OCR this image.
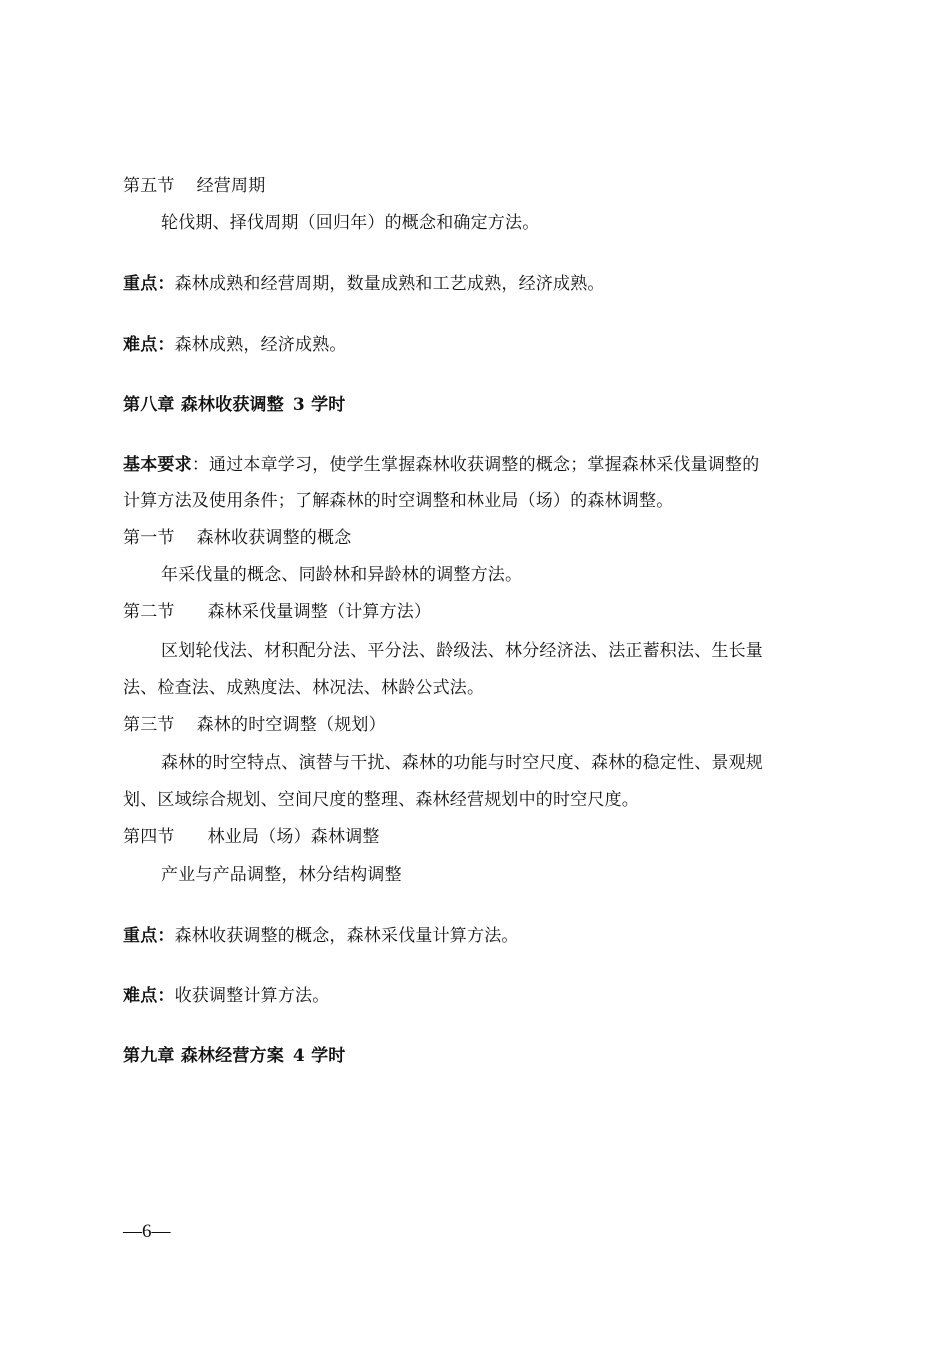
第五节 经营周期
轮伐期、择伐周期（回归年）的概念和确定方法。
重点：森林成熟和经营周期，数量成熟和工艺成熟，经济成熟。
难点：森林成熟，经济成熟。
第八章 森林收获调整 3 学时
基本要求：通过本章学习，使学生掌握森林收获调整的概念；掌握森林采伐量调整的
计算方法及使用条件；了解森林的时空调整和林业局（场）的森林调整。
第一节 森林收获调整的概念
年采伐量的概念、同龄林和异龄林的调整方法。
第二节 森林采伐量调整（计算方法）
区划轮伐法、材积配分法、平分法、龄级法、林分经济法、法正蓄积法、生长量
法、检查法、成熟度法、林况法、林龄公式法。
第三节 森林的时空调整（规划）
森林的时空特点、演替与干扰、森林的功能与时空尺度、森林的稳定性、景观规
划、区域综合规划、空间尺度的整理、森林经营规划中的时空尺度。
第四节 林业局（场）森林调整
产业与产品调整，林分结构调整
重点：森林收获调整的概念，森林采伐量计算方法。
难点：收获调整计算方法。
第九章 森林经营方案 4 学时
—6—
